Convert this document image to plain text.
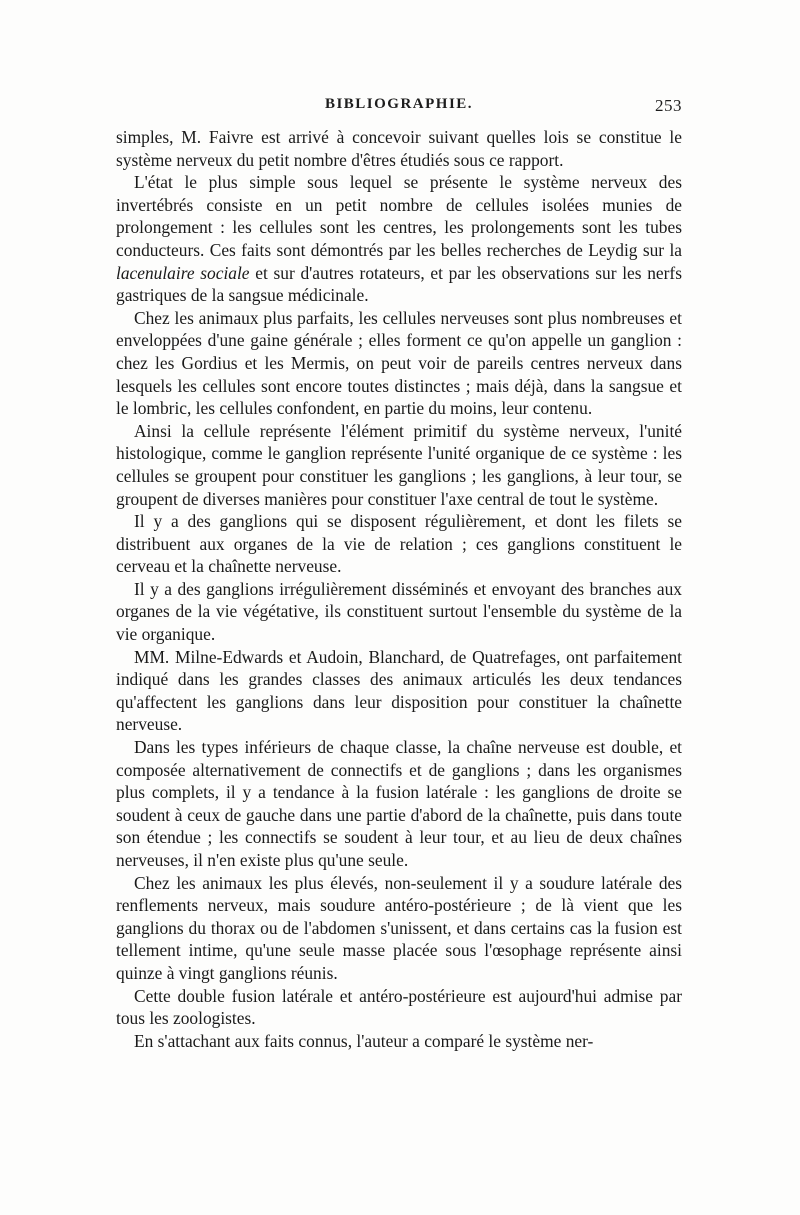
BIBLIOGRAPHIE.	253

simples, M. Faivre est arrivé à concevoir suivant quelles lois se constitue le système nerveux du petit nombre d'êtres étudiés sous ce rapport.

L'état le plus simple sous lequel se présente le système nerveux des invertébrés consiste en un petit nombre de cellules isolées munies de prolongement : les cellules sont les centres, les prolongements sont les tubes conducteurs. Ces faits sont démontrés par les belles recherches de Leydig sur la lacenulaire sociale et sur d'autres rotateurs, et par les observations sur les nerfs gastriques de la sangsue médicinale.

Chez les animaux plus parfaits, les cellules nerveuses sont plus nombreuses et enveloppées d'une gaine générale ; elles forment ce qu'on appelle un ganglion : chez les Gordius et les Mermis, on peut voir de pareils centres nerveux dans lesquels les cellules sont encore toutes distinctes ; mais déjà, dans la sangsue et le lombric, les cellules confondent, en partie du moins, leur contenu.

Ainsi la cellule représente l'élément primitif du système nerveux, l'unité histologique, comme le ganglion représente l'unité organique de ce système : les cellules se groupent pour constituer les ganglions ; les ganglions, à leur tour, se groupent de diverses manières pour constituer l'axe central de tout le système.

Il y a des ganglions qui se disposent régulièrement, et dont les filets se distribuent aux organes de la vie de relation ; ces ganglions constituent le cerveau et la chaînette nerveuse.

Il y a des ganglions irrégulièrement disséminés et envoyant des branches aux organes de la vie végétative, ils constituent surtout l'ensemble du système de la vie organique.

MM. Milne-Edwards et Audoin, Blanchard, de Quatrefages, ont parfaitement indiqué dans les grandes classes des animaux articulés les deux tendances qu'affectent les ganglions dans leur disposition pour constituer la chaînette nerveuse.

Dans les types inférieurs de chaque classe, la chaîne nerveuse est double, et composée alternativement de connectifs et de ganglions ; dans les organismes plus complets, il y a tendance à la fusion latérale : les ganglions de droite se soudent à ceux de gauche dans une partie d'abord de la chaînette, puis dans toute son étendue ; les connectifs se soudent à leur tour, et au lieu de deux chaînes nerveuses, il n'en existe plus qu'une seule.

Chez les animaux les plus élevés, non-seulement il y a soudure latérale des renflements nerveux, mais soudure antéro-postérieure ; de là vient que les ganglions du thorax ou de l'abdomen s'unissent, et dans certains cas la fusion est tellement intime, qu'une seule masse placée sous l'œsophage représente ainsi quinze à vingt ganglions réunis.

Cette double fusion latérale et antéro-postérieure est aujourd'hui admise par tous les zoologistes.

En s'attachant aux faits connus, l'auteur a comparé le système ner-
